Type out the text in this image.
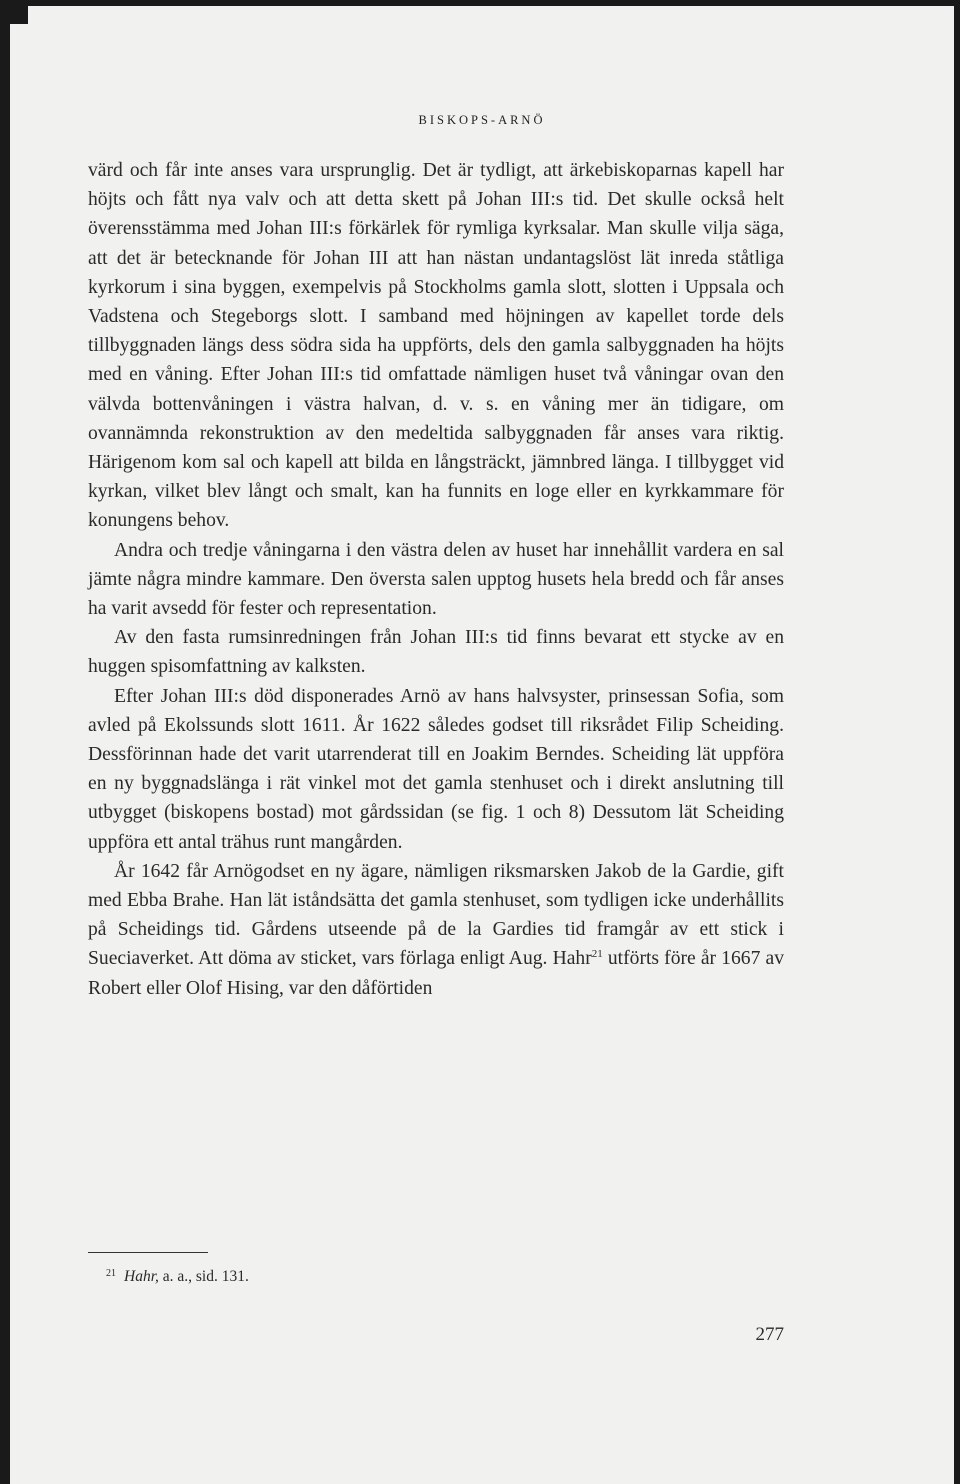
BISKOPS-ARNÖ

värd och får inte anses vara ursprunglig. Det är tydligt, att ärkebiskoparnas kapell har höjts och fått nya valv och att detta skett på Johan III:s tid. Det skulle också helt överensstämma med Johan III:s förkärlek för rymliga kyrksalar. Man skulle vilja säga, att det är betecknande för Johan III att han nästan undantagslöst lät inreda ståtliga kyrkorum i sina byggen, exempelvis på Stockholms gamla slott, slotten i Uppsala och Vadstena och Stegeborgs slott. I samband med höjningen av kapellet torde dels tillbyggnaden längs dess södra sida ha uppförts, dels den gamla salbyggnaden ha höjts med en våning. Efter Johan III:s tid omfattade nämligen huset två våningar ovan den välvda bottenvåningen i västra halvan, d. v. s. en våning mer än tidigare, om ovannämnda rekonstruktion av den medeltida salbyggnaden får anses vara riktig. Härigenom kom sal och kapell att bilda en långsträckt, jämnbred länga. I tillbygget vid kyrkan, vilket blev långt och smalt, kan ha funnits en loge eller en kyrkkammare för konungens behov.

Andra och tredje våningarna i den västra delen av huset har innehållit vardera en sal jämte några mindre kammare. Den översta salen upptog husets hela bredd och får anses ha varit avsedd för fester och representation.

Av den fasta rumsinredningen från Johan III:s tid finns bevarat ett stycke av en huggen spisomfattning av kalksten.

Efter Johan III:s död disponerades Arnö av hans halvsyster, prinsessan Sofia, som avled på Ekolssunds slott 1611. År 1622 således godset till riksrådet Filip Scheiding. Dessförinnan hade det varit utarrenderat till en Joakim Berndes. Scheiding lät uppföra en ny byggnadslänga i rät vinkel mot det gamla stenhuset och i direkt anslutning till utbygget (biskopens bostad) mot gårdssidan (se fig. 1 och 8) Dessutom lät Scheiding uppföra ett antal trähus runt mangården.

År 1642 får Arnögodset en ny ägare, nämligen riksmarsken Jakob de la Gardie, gift med Ebba Brahe. Han lät iståndsätta det gamla stenhuset, som tydligen icke underhållits på Scheidings tid. Gårdens utseende på de la Gardies tid framgår av ett stick i Sueciaverket. Att döma av sticket, vars förlaga enligt Aug. Hahr$^{21}$ utförts före år 1667 av Robert eller Olof Hising, var den dåförtiden

$^{21}$ Hahr, a. a., sid. 131.
277
